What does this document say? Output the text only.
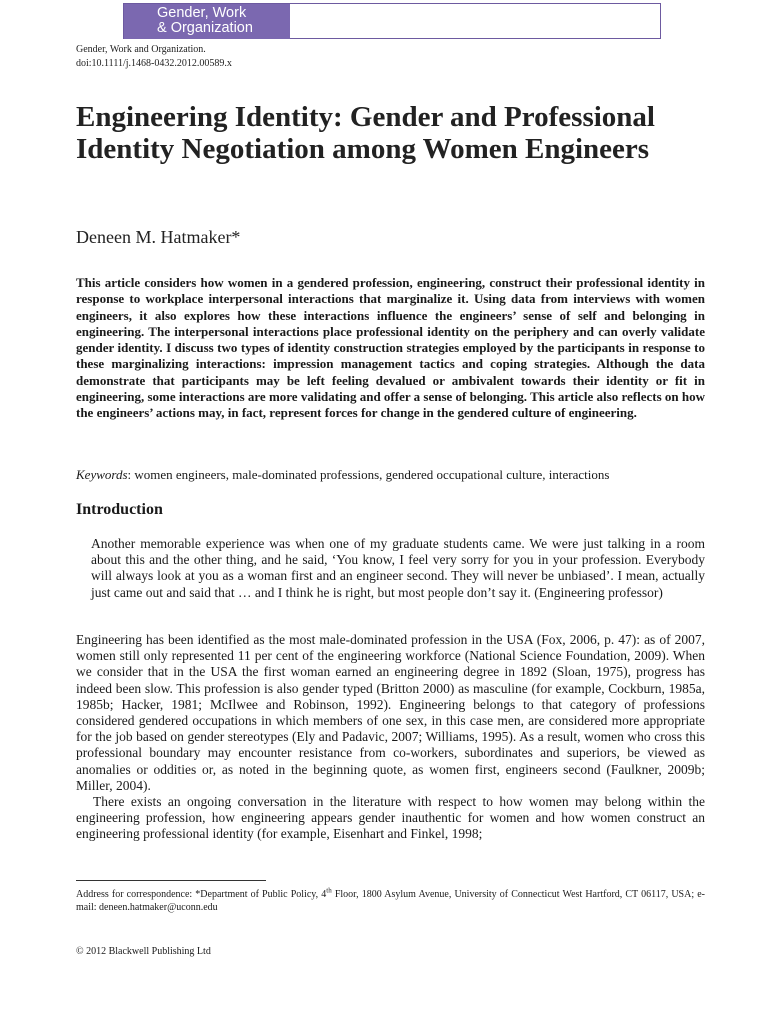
Gender, Work
& Organization
Gender, Work and Organization.
doi:10.1111/j.1468-0432.2012.00589.x
Engineering Identity: Gender and Professional Identity Negotiation among Women Engineers
Deneen M. Hatmaker*

This article considers how women in a gendered profession, engineering, construct their professional identity in response to workplace interpersonal interactions that marginalize it. Using data from interviews with women engineers, it also explores how these interactions influence the engineers’ sense of self and belonging in engineering. The interpersonal interactions place professional identity on the periphery and can overly validate gender identity. I discuss two types of identity construction strategies employed by the participants in response to these marginalizing interactions: impression management tactics and coping strategies. Although the data demonstrate that participants may be left feeling devalued or ambivalent towards their identity or fit in engineering, some interactions are more validating and offer a sense of belonging. This article also reflects on how the engineers’ actions may, in fact, represent forces for change in the gendered culture of engineering.

Keywords: women engineers, male-dominated professions, gendered occupational culture, interactions
Introduction

Another memorable experience was when one of my graduate students came. We were just talking in a room about this and the other thing, and he said, ‘You know, I feel very sorry for you in your profession. Everybody will always look at you as a woman first and an engineer second. They will never be unbiased’. I mean, actually just came out and said that … and I think he is right, but most people don’t say it. (Engineering professor)

Engineering has been identified as the most male-dominated profession in the USA (Fox, 2006, p. 47): as of 2007, women still only represented 11 per cent of the engineering workforce (National Science Foundation, 2009). When we consider that in the USA the first woman earned an engineering degree in 1892 (Sloan, 1975), progress has indeed been slow. This profession is also gender typed (Britton 2000) as masculine (for example, Cockburn, 1985a, 1985b; Hacker, 1981; McIlwee and Robinson, 1992). Engineering belongs to that category of professions considered gendered occupations in which members of one sex, in this case men, are considered more appropriate for the job based on gender stereotypes (Ely and Padavic, 2007; Williams, 1995). As a result, women who cross this professional boundary may encounter resistance from co-workers, subordinates and superiors, be viewed as anomalies or oddities or, as noted in the beginning quote, as women first, engineers second (Faulkner, 2009b; Miller, 2004).

There exists an ongoing conversation in the literature with respect to how women may belong within the engineering profession, how engineering appears gender inauthentic for women and how women construct an engineering professional identity (for example, Eisenhart and Finkel, 1998;

Address for correspondence: *Department of Public Policy, 4th Floor, 1800 Asylum Avenue, University of Connecticut West Hartford, CT 06117, USA; e-mail: deneen.hatmaker@uconn.edu

© 2012 Blackwell Publishing Ltd
